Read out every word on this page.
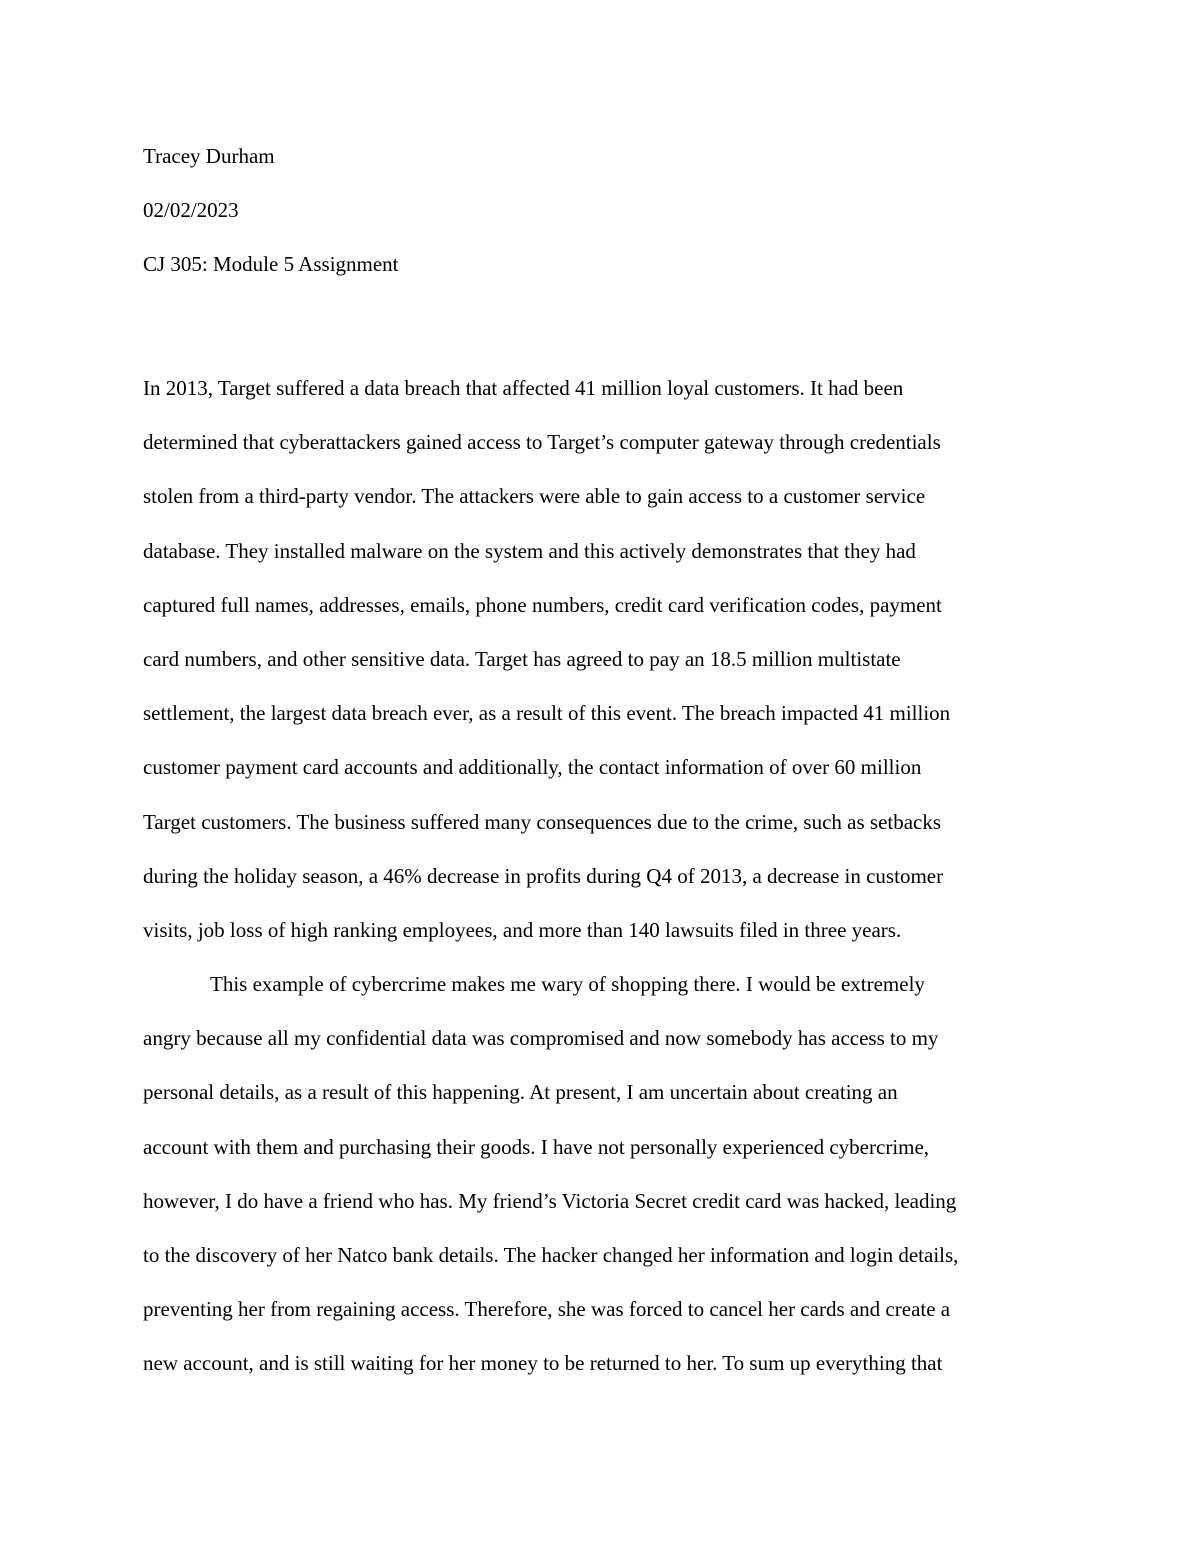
Tracey Durham
02/02/2023
CJ 305: Module 5 Assignment
In 2013, Target suffered a data breach that affected 41 million loyal customers. It had been
determined that cyberattackers gained access to Target’s computer gateway through credentials
stolen from a third-party vendor. The attackers were able to gain access to a customer service
database. They installed malware on the system and this actively demonstrates that they had
captured full names, addresses, emails, phone numbers, credit card verification codes, payment
card numbers, and other sensitive data. Target has agreed to pay an 18.5 million multistate
settlement, the largest data breach ever, as a result of this event. The breach impacted 41 million
customer payment card accounts and additionally, the contact information of over 60 million
Target customers. The business suffered many consequences due to the crime, such as setbacks
during the holiday season, a 46% decrease in profits during Q4 of 2013, a decrease in customer
visits, job loss of high ranking employees, and more than 140 lawsuits filed in three years.
This example of cybercrime makes me wary of shopping there. I would be extremely
angry because all my confidential data was compromised and now somebody has access to my
personal details, as a result of this happening. At present, I am uncertain about creating an
account with them and purchasing their goods. I have not personally experienced cybercrime,
however, I do have a friend who has. My friend’s Victoria Secret credit card was hacked, leading
to the discovery of her Natco bank details. The hacker changed her information and login details,
preventing her from regaining access. Therefore, she was forced to cancel her cards and create a
new account, and is still waiting for her money to be returned to her. To sum up everything that
